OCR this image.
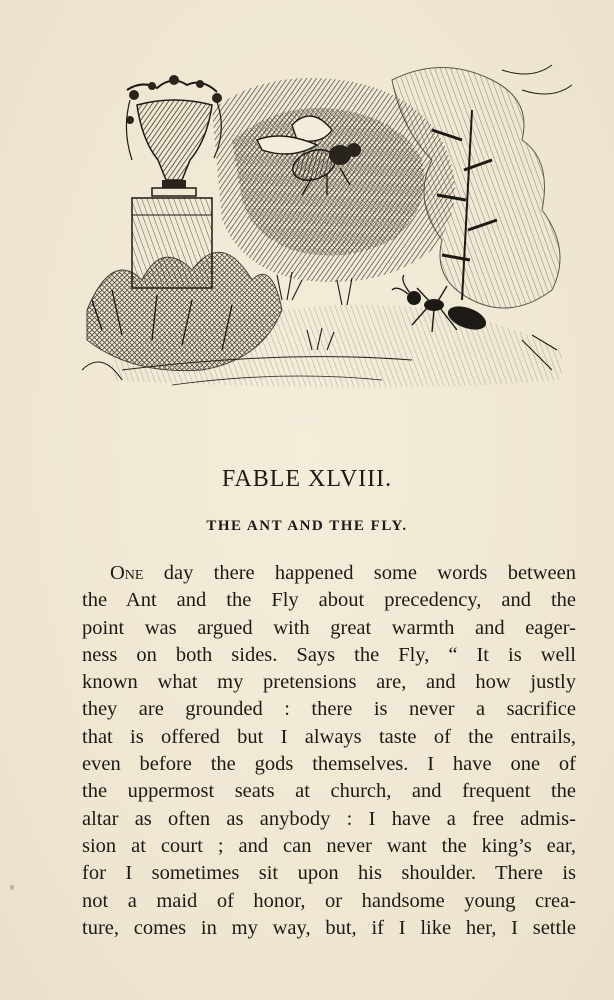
FABLE XLVIII.
THE ANT AND THE FLY.
One day there happened some words between
the Ant and the Fly about precedency, and the
point was argued with great warmth and eager-
ness on both sides. Says the Fly, “ It is well
known what my pretensions are, and how justly
they are grounded : there is never a sacrifice
that is offered but I always taste of the entrails,
even before the gods themselves. I have one of
the uppermost seats at church, and frequent the
altar as often as anybody : I have a free admis-
sion at court ; and can never want the king’s ear,
for I sometimes sit upon his shoulder. There is
not a maid of honor, or handsome young crea-
ture, comes in my way, but, if I like her, I settle
